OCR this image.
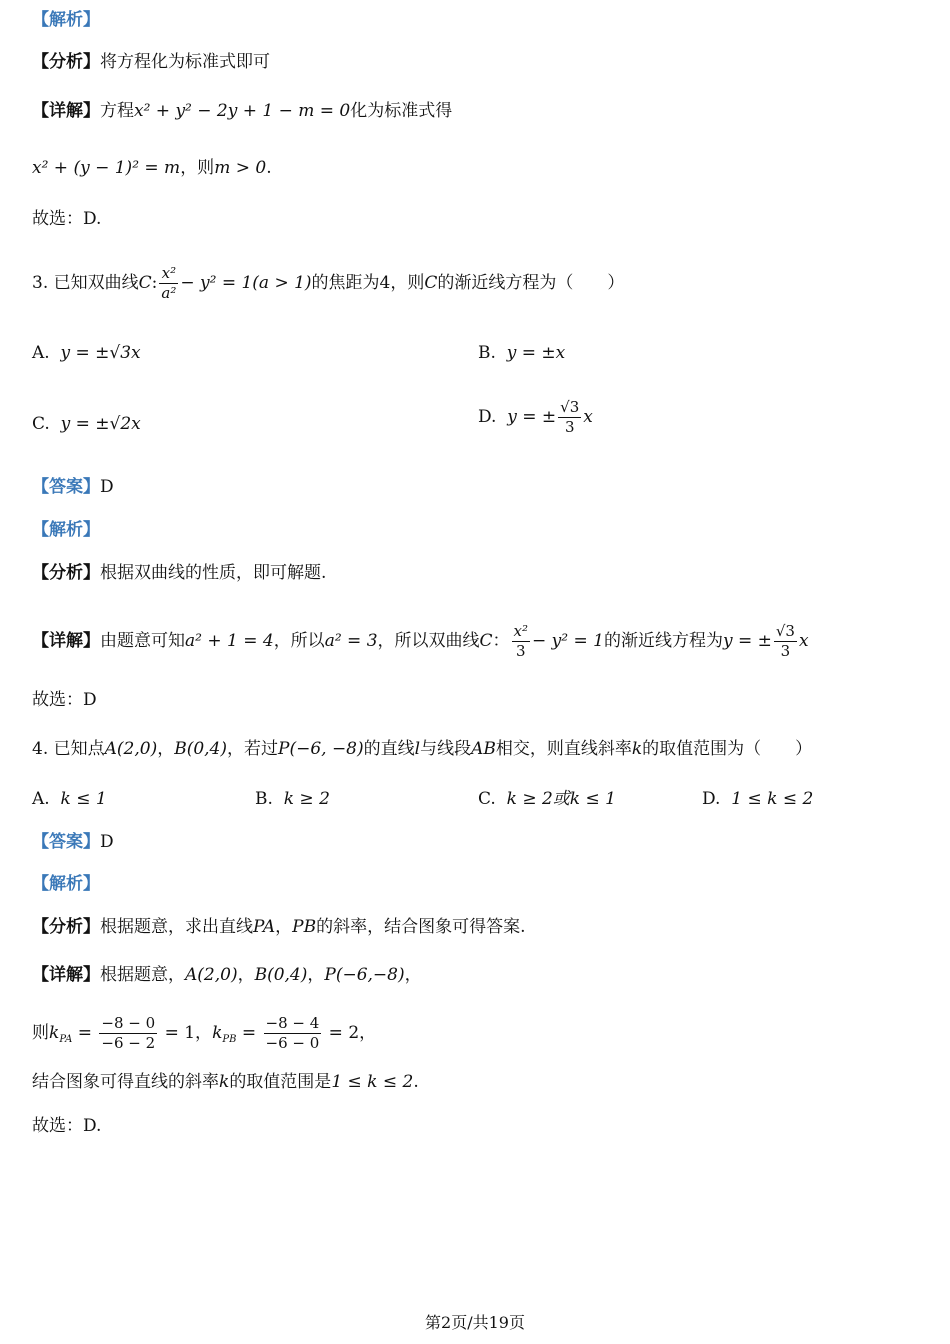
【解析】
【分析】将方程化为标准式即可
【详解】方程x² + y² − 2y + 1 − m = 0化为标准式得
x² + (y − 1)² = m，则m > 0.
故选：D.
3. 已知双曲线C: $\frac{\text{x²}}{\text{a²}} - y^2 = 1(a > 1)$的焦距为4，则C的渐近线方程为（　　）
A. y = ±√3x	B. y = ±x
C. y = ±√2x	D. y = ± $\frac{√3}{3}$ x
【答案】D
【解析】
【分析】根据双曲线的性质，即可解题.
【详解】由题意可知a² + 1 = 4，所以a² = 3，所以双曲线C： $\frac{\text{x²}}{3} - y^2 = 1$的渐近线方程为y = ± $\frac{√3}{3}$ x
故选：D
4. 已知点A(2,0)，B(0,4)，若过P(−6, −8)的直线l与线段AB相交，则直线斜率k的取值范围为（　　）
A. k ≤ 1	B. k ≥ 2	C. k ≥ 2或k ≤ 1	D. 1 ≤ k ≤ 2
【答案】D
【解析】
【分析】根据题意，求出直线PA，PB的斜率，结合图象可得答案.
【详解】根据题意，A(2,0)，B(0,4)，P(−6,−8)，
则$k_{PA} = \frac{-8 - 0}{-6 - 2} = 1$，$k_{PB} = \frac{-8 - 4}{-6 - 0} = 2$，
结合图象可得直线的斜率k的取值范围是1 ≤ k ≤ 2.
故选：D.
第2页/共19页
